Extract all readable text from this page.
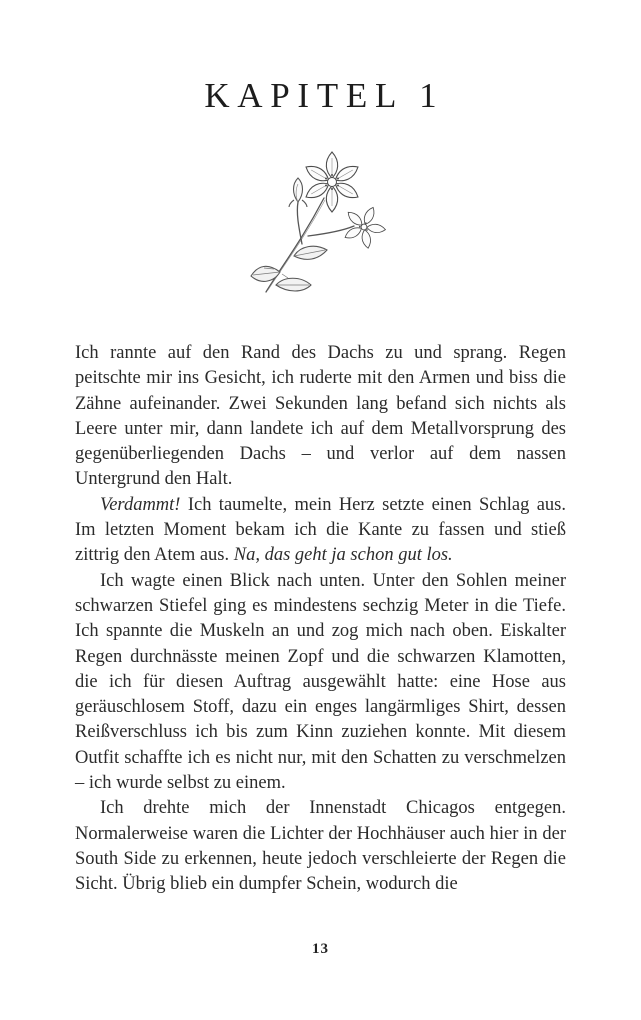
KAPITEL 1

Ich rannte auf den Rand des Dachs zu und sprang. Regen peitschte mir ins Gesicht, ich ruderte mit den Armen und biss die Zähne aufeinander. Zwei Sekunden lang befand sich nichts als Leere unter mir, dann landete ich auf dem Metallvorsprung des gegenüberliegenden Dachs – und verlor auf dem nassen Untergrund den Halt.

Verdammt! Ich taumelte, mein Herz setzte einen Schlag aus. Im letzten Moment bekam ich die Kante zu fassen und stieß zittrig den Atem aus. Na, das geht ja schon gut los.

Ich wagte einen Blick nach unten. Unter den Sohlen meiner schwarzen Stiefel ging es mindestens sechzig Meter in die Tiefe. Ich spannte die Muskeln an und zog mich nach oben. Eiskalter Regen durchnässte meinen Zopf und die schwarzen Klamotten, die ich für diesen Auftrag ausgewählt hatte: eine Hose aus geräuschlosem Stoff, dazu ein enges langärmliges Shirt, dessen Reißverschluss ich bis zum Kinn zuziehen konnte. Mit diesem Outfit schaffte ich es nicht nur, mit den Schatten zu verschmelzen – ich wurde selbst zu einem.

Ich drehte mich der Innenstadt Chicagos entgegen. Normalerweise waren die Lichter der Hochhäuser auch hier in der South Side zu erkennen, heute jedoch verschleierte der Regen die Sicht. Übrig blieb ein dumpfer Schein, wodurch die

13
